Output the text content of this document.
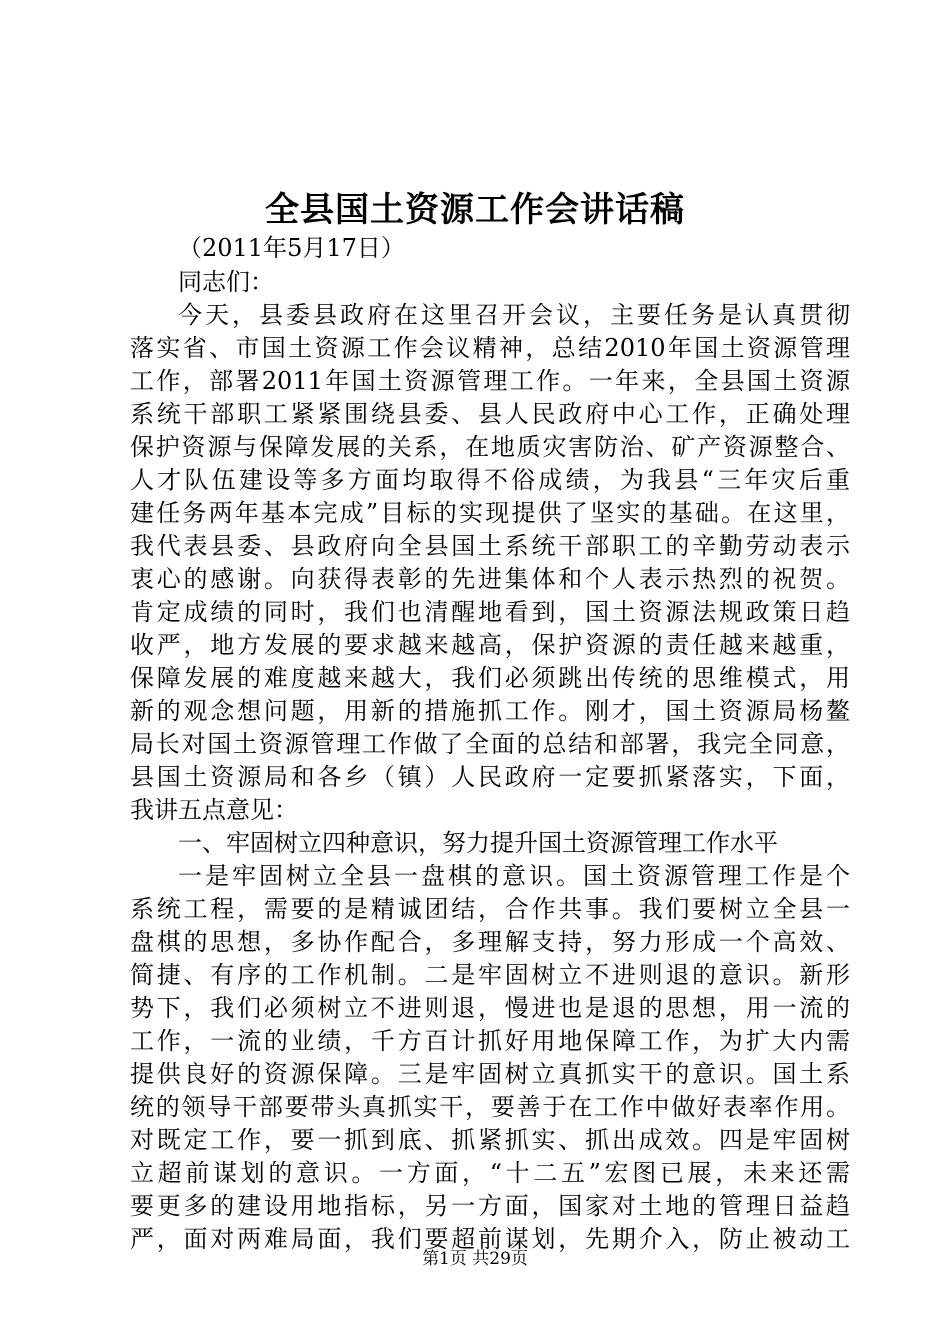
全县国土资源工作会讲话稿

（2011年5月17日）

同志们：

今天，县委县政府在这里召开会议，主要任务是认真贯彻

落实省、市国土资源工作会议精神，总结2010年国土资源管理

工作，部署2011年国土资源管理工作。一年来，全县国土资源

系统干部职工紧紧围绕县委、县人民政府中心工作，正确处理

保护资源与保障发展的关系，在地质灾害防治、矿产资源整合、

人才队伍建设等多方面均取得不俗成绩，为我县“三年灾后重

建任务两年基本完成”目标的实现提供了坚实的基础。在这里，

我代表县委、县政府向全县国土系统干部职工的辛勤劳动表示

衷心的感谢。向获得表彰的先进集体和个人表示热烈的祝贺。

肯定成绩的同时，我们也清醒地看到，国土资源法规政策日趋

收严，地方发展的要求越来越高，保护资源的责任越来越重，

保障发展的难度越来越大，我们必须跳出传统的思维模式，用

新的观念想问题，用新的措施抓工作。刚才，国土资源局杨鳌

局长对国土资源管理工作做了全面的总结和部署，我完全同意，

县国土资源局和各乡（镇）人民政府一定要抓紧落实，下面，

我讲五点意见：

一、牢固树立四种意识，努力提升国土资源管理工作水平

一是牢固树立全县一盘棋的意识。国土资源管理工作是个

系统工程，需要的是精诚团结，合作共事。我们要树立全县一

盘棋的思想，多协作配合，多理解支持，努力形成一个高效、

简捷、有序的工作机制。二是牢固树立不进则退的意识。新形

势下，我们必须树立不进则退，慢进也是退的思想，用一流的

工作，一流的业绩，千方百计抓好用地保障工作，为扩大内需

提供良好的资源保障。三是牢固树立真抓实干的意识。国土系

统的领导干部要带头真抓实干，要善于在工作中做好表率作用。

对既定工作，要一抓到底、抓紧抓实、抓出成效。四是牢固树

立超前谋划的意识。一方面，“十二五”宏图已展，未来还需

要更多的建设用地指标，另一方面，国家对土地的管理日益趋

严，面对两难局面，我们要超前谋划，先期介入，防止被动工

第1页 共29页
